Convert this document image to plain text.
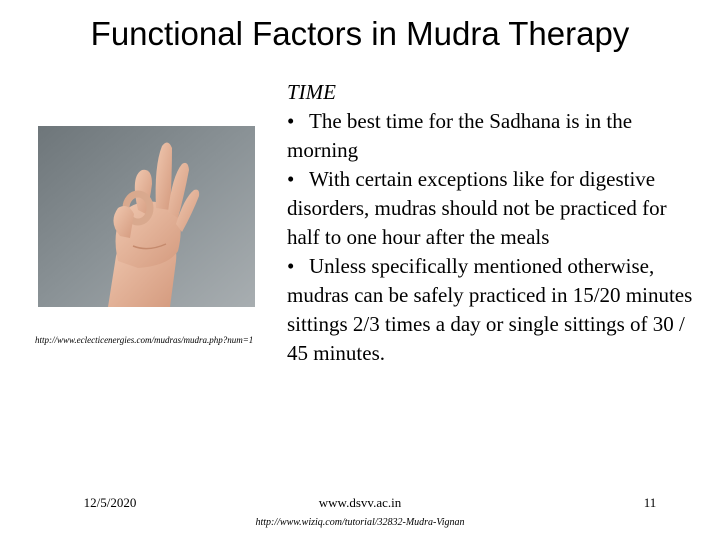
Functional Factors in Mudra Therapy
http://www.eclecticenergies.com/mudras/mudra.php?num=1
TIME

• The best time for the Sadhana is in the morning

• With certain exceptions like for digestive disorders, mudras should not be practiced for half to one hour after the meals

• Unless specifically mentioned otherwise, mudras can be safely practiced in 15/20 minutes sittings 2/3 times a day or single sittings of 30 / 45 minutes.

12/5/2020	www.dsvv.ac.in
http://www.wiziq.com/tutorial/32832-Mudra-Vignan
11
